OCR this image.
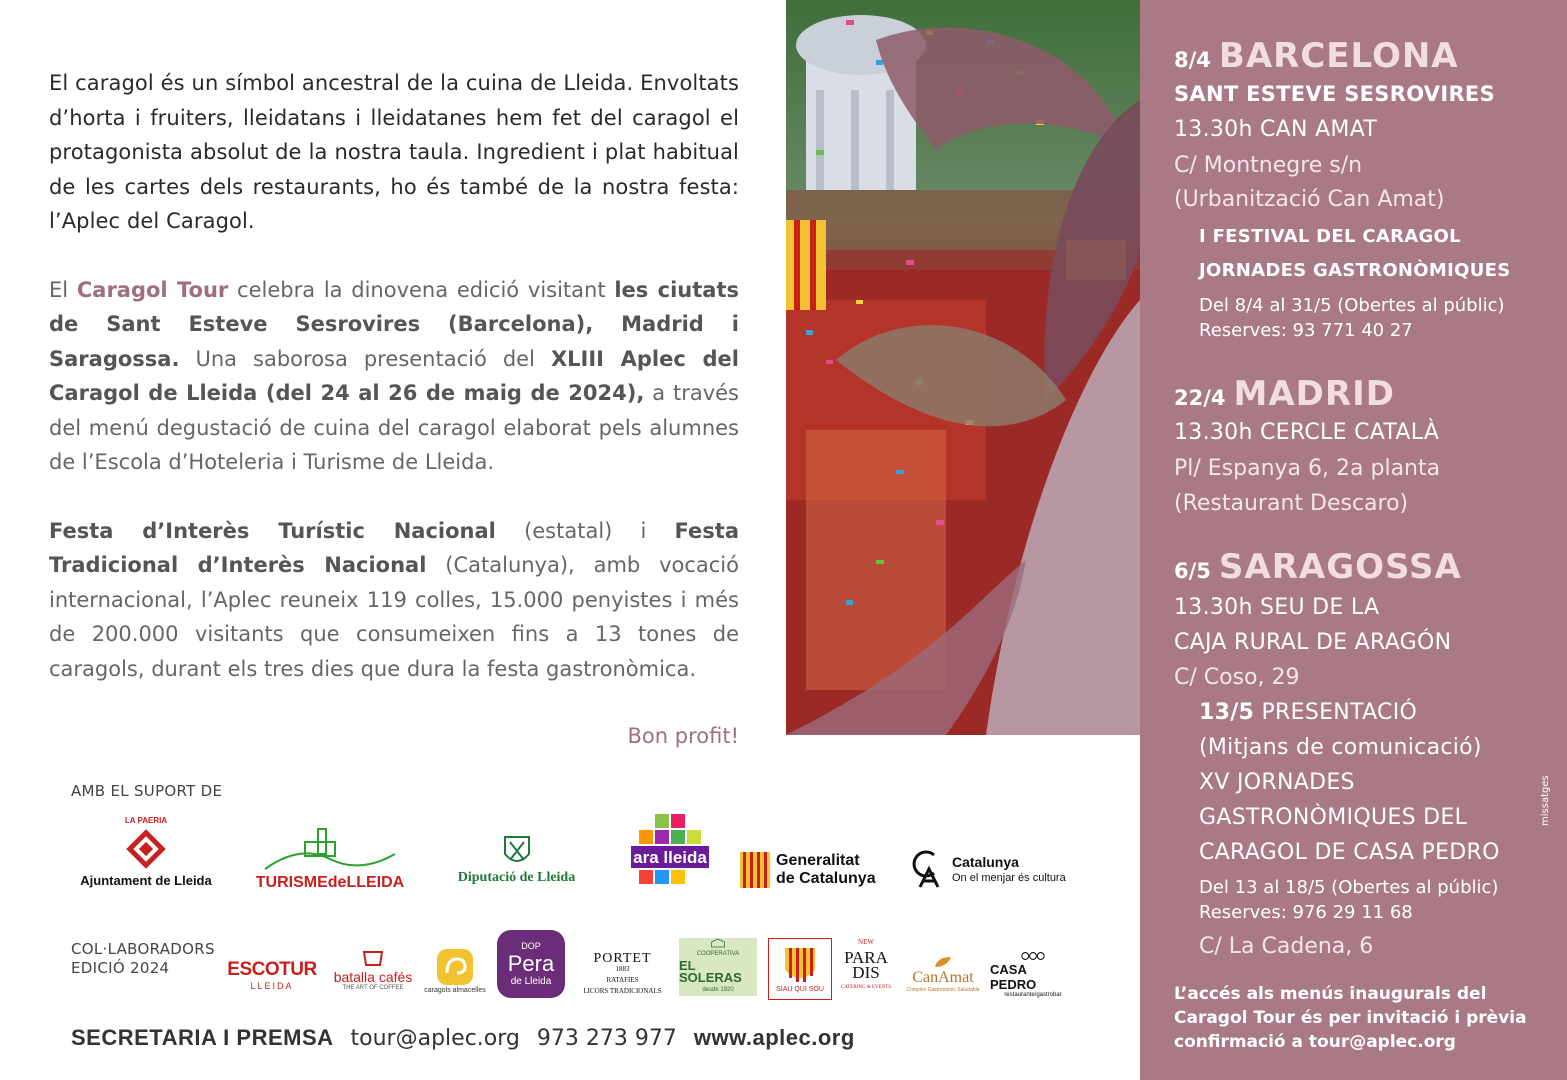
El caragol és un símbol ancestral de la cuina de Lleida. Envoltats d’horta i fruiters, lleidatans i lleidatanes hem fet del caragol el protagonista absolut de la nostra taula. Ingredient i plat habitual de les cartes dels restaurants, ho és també de la nostra festa: l’Aplec del Caragol.

El Caragol Tour celebra la dinovena edició visitant les ciutats de Sant Esteve Sesrovires (Barcelona), Madrid i Saragossa. Una saborosa presentació del XLIII Aplec del Caragol de Lleida (del 24 al 26 de maig de 2024), a través del menú degustació de cuina del caragol elaborat pels alumnes de l’Escola d’Hoteleria i Turisme de Lleida.

Festa d’Interès Turístic Nacional (estatal) i Festa Tradicional d’Interès Nacional (Catalunya), amb vocació internacional, l’Aplec reuneix 119 colles, 15.000 penyistes i més de 200.000 visitants que consumeixen fins a 13 tones de caragols, durant els tres dies que dura la festa gastronòmica.

Bon profit!
AMB EL SUPORT DE
LA PAERIA
Ajuntament de Lleida	TURISMEdeLLEIDA	Diputació de Lleida
ara lleida	Generalitat
de Catalunya
Catalunya
On el menjar és cultura
COL·LABORADORS
EDICIÓ 2024	ESCOTUR
LLEIDA
batalla cafés
THE ART OF COFFEE	caragols almacelles
DOP
Pera
de Lleida
PORTET
1883
RATAFIES
LICORS TRADICIONALS
COOPERATIVA
EL SOLERAS
desde 1920	SIAU QUI SOU
NEW
PARA
DIS
CATERING & EVENTS
CanAmat
Complex Gastronòmic Saludable
CASA PEDRO
restaurante/gastrobar
SECRETARIA I PREMSA tour@aplec.org 973 273 977 www.aplec.org
8/4 BARCELONA
SANT ESTEVE SESROVIRES
13.30h CAN AMAT
C/ Montnegre s/n
(Urbanització Can Amat)
I FESTIVAL DEL CARAGOL
JORNADES GASTRONÒMIQUES
Del 8/4 al 31/5 (Obertes al públic)
Reserves: 93 771 40 27
22/4 MADRID
13.30h CERCLE CATALÀ
Pl/ Espanya 6, 2a planta
(Restaurant Descaro)
6/5 SARAGOSSA
13.30h SEU DE LA
CAJA RURAL DE ARAGÓN
C/ Coso, 29
13/5 PRESENTACIÓ
(Mitjans de comunicació)
XV JORNADES
GASTRONÒMIQUES DEL
CARAGOL DE CASA PEDRO
Del 13 al 18/5 (Obertes al públic)
Reserves: 976 29 11 68
C/ La Cadena, 6
L’accés als menús inaugurals del
Caragol Tour és per invitació i prèvia
confirmació a tour@aplec.org
missatges
